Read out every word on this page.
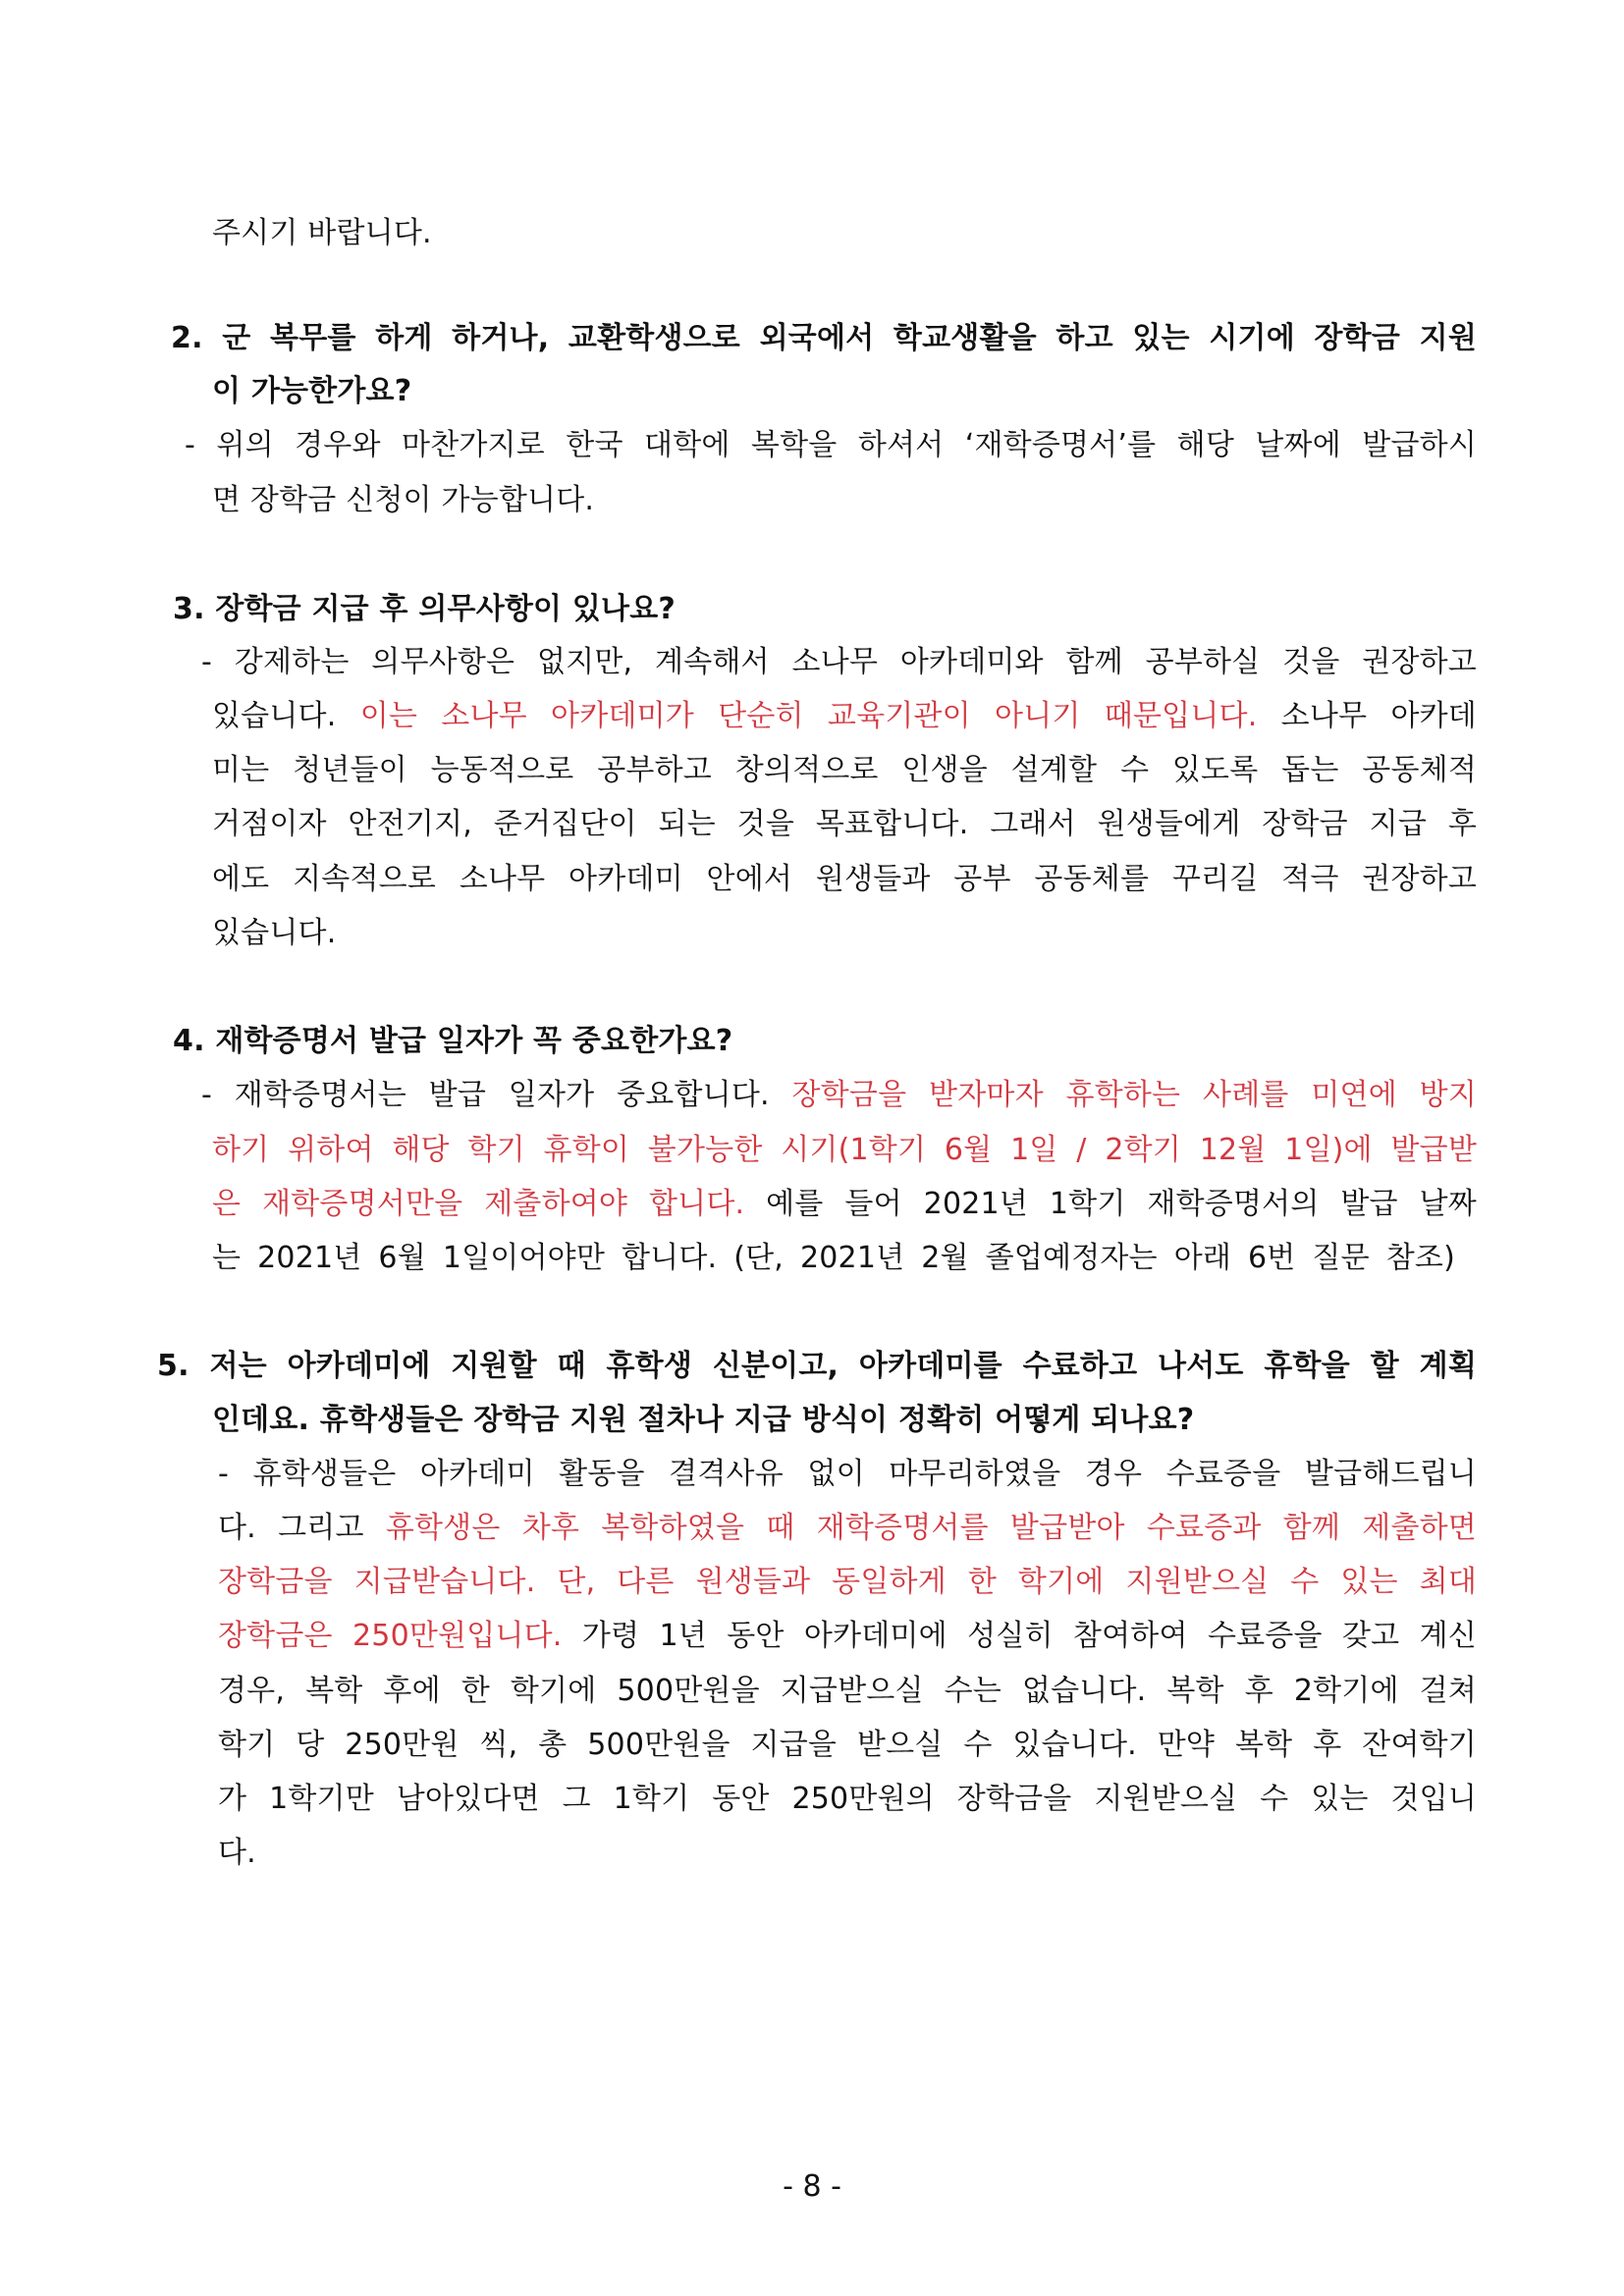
주시기 바랍니다.
2. 군 복무를 하게 하거나, 교환학생으로 외국에서 학교생활을 하고 있는 시기에 장학금 지원
이 가능한가요?
- 위의 경우와 마찬가지로 한국 대학에 복학을 하셔서 ‘재학증명서’를 해당 날짜에 발급하시
면 장학금 신청이 가능합니다.
3. 장학금 지급 후 의무사항이 있나요?
- 강제하는 의무사항은 없지만, 계속해서 소나무 아카데미와 함께 공부하실 것을 권장하고
있습니다. 이는 소나무 아카데미가 단순히 교육기관이 아니기 때문입니다. 소나무 아카데
미는 청년들이 능동적으로 공부하고 창의적으로 인생을 설계할 수 있도록 돕는 공동체적
거점이자 안전기지, 준거집단이 되는 것을 목표합니다. 그래서 원생들에게 장학금 지급 후
에도 지속적으로 소나무 아카데미 안에서 원생들과 공부 공동체를 꾸리길 적극 권장하고
있습니다.
4. 재학증명서 발급 일자가 꼭 중요한가요?
- 재학증명서는 발급 일자가 중요합니다. 장학금을 받자마자 휴학하는 사례를 미연에 방지
하기 위하여 해당 학기 휴학이 불가능한 시기(1학기 6월 1일 / 2학기 12월 1일)에 발급받
은 재학증명서만을 제출하여야 합니다. 예를 들어 2021년 1학기 재학증명서의 발급 날짜
는 2021년 6월 1일이어야만 합니다. (단, 2021년 2월 졸업예정자는 아래 6번 질문 참조)
5. 저는 아카데미에 지원할 때 휴학생 신분이고, 아카데미를 수료하고 나서도 휴학을 할 계획
인데요. 휴학생들은 장학금 지원 절차나 지급 방식이 정확히 어떻게 되나요?
- 휴학생들은 아카데미 활동을 결격사유 없이 마무리하였을 경우 수료증을 발급해드립니
다. 그리고 휴학생은 차후 복학하였을 때 재학증명서를 발급받아 수료증과 함께 제출하면
장학금을 지급받습니다. 단, 다른 원생들과 동일하게 한 학기에 지원받으실 수 있는 최대
장학금은 250만원입니다. 가령 1년 동안 아카데미에 성실히 참여하여 수료증을 갖고 계신
경우, 복학 후에 한 학기에 500만원을 지급받으실 수는 없습니다. 복학 후 2학기에 걸쳐
학기 당 250만원 씩, 총 500만원을 지급을 받으실 수 있습니다. 만약 복학 후 잔여학기
가 1학기만 남아있다면 그 1학기 동안 250만원의 장학금을 지원받으실 수 있는 것입니
다.
- 8 -
